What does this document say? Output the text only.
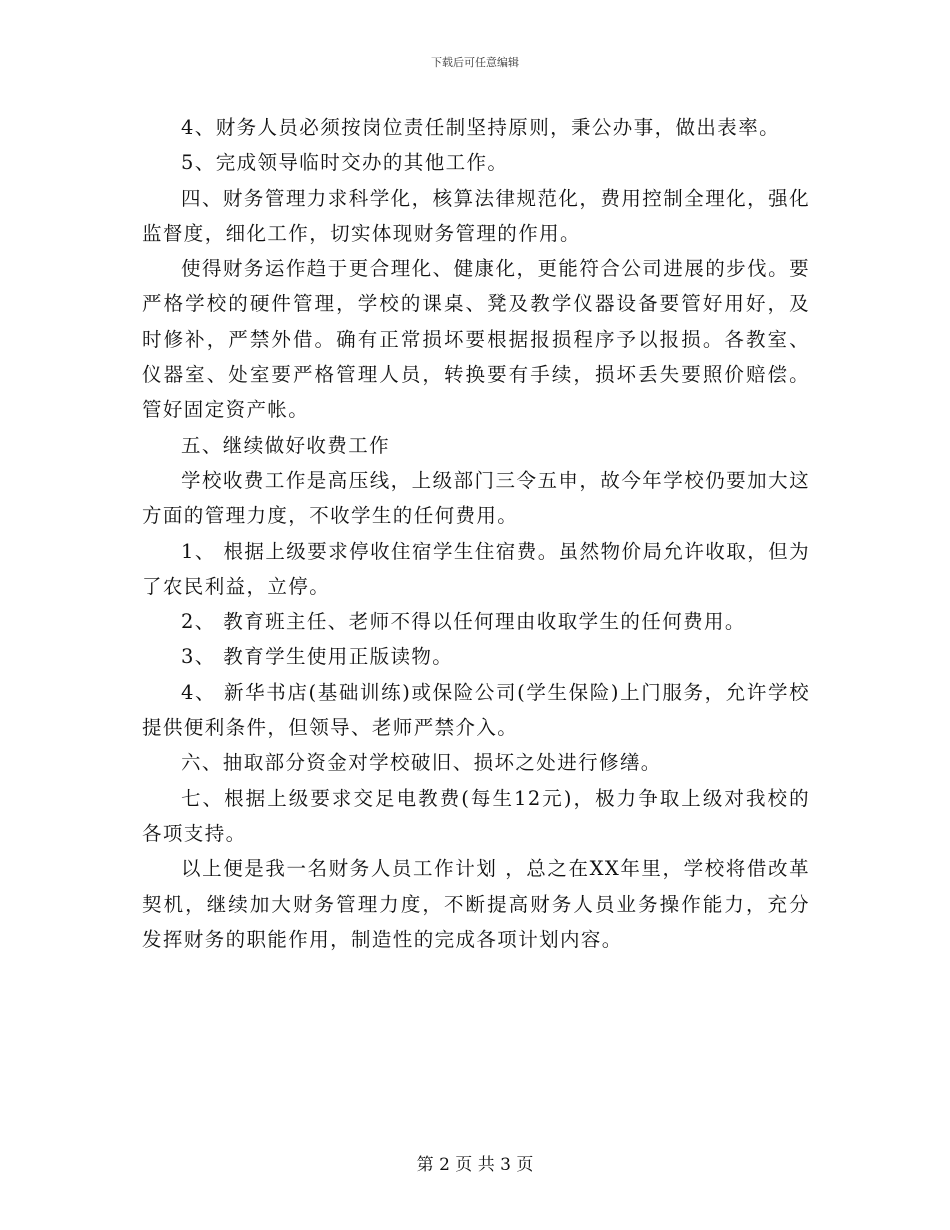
下载后可任意编辑

4、财务人员必须按岗位责任制坚持原则，秉公办事，做出表率。

5、完成领导临时交办的其他工作。

四、财务管理力求科学化，核算法律规范化，费用控制全理化，强化监督度，细化工作，切实体现财务管理的作用。

使得财务运作趋于更合理化、健康化，更能符合公司进展的步伐。要严格学校的硬件管理，学校的课桌、凳及教学仪器设备要管好用好，及时修补，严禁外借。确有正常损坏要根据报损程序予以报损。各教室、仪器室、处室要严格管理人员，转换要有手续，损坏丢失要照价赔偿。管好固定资产帐。

五、继续做好收费工作

学校收费工作是高压线，上级部门三令五申，故今年学校仍要加大这方面的管理力度，不收学生的任何费用。

1、 根据上级要求停收住宿学生住宿费。虽然物价局允许收取，但为了农民利益，立停。

2、 教育班主任、老师不得以任何理由收取学生的任何费用。

3、 教育学生使用正版读物。

4、 新华书店(基础训练)或保险公司(学生保险)上门服务，允许学校提供便利条件，但领导、老师严禁介入。

六、抽取部分资金对学校破旧、损坏之处进行修缮。

七、根据上级要求交足电教费(每生12元)，极力争取上级对我校的各项支持。

以上便是我一名财务人员工作计划 ，总之在XX年里，学校将借改革契机，继续加大财务管理力度，不断提高财务人员业务操作能力，充分发挥财务的职能作用，制造性的完成各项计划内容。

第 2 页 共 3 页
